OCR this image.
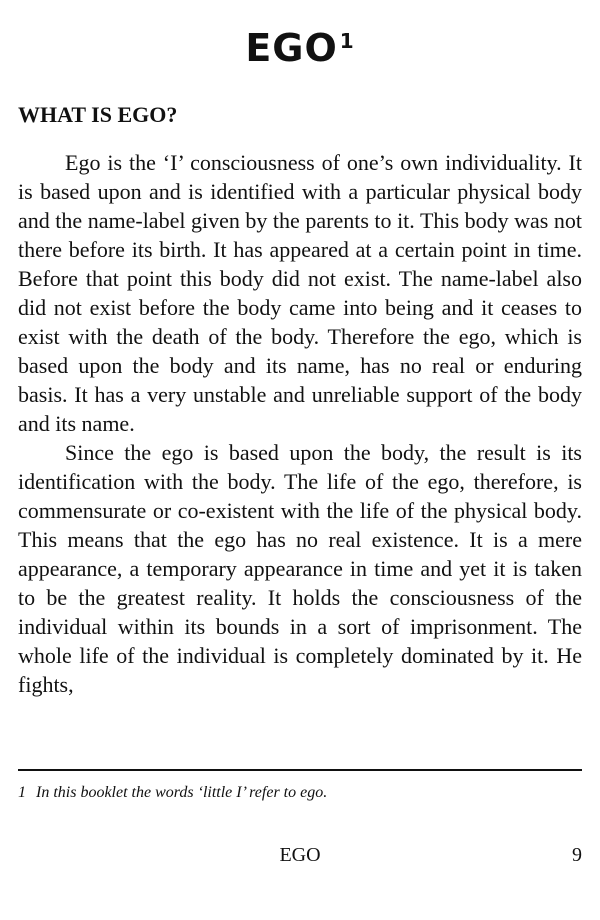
EGO $^1$
WHAT IS EGO?

Ego is the ‘I’ consciousness of one’s own individuality. It is based upon and is identified with a particular physical body and the name-label given by the parents to it. This body was not there before its birth. It has appeared at a certain point in time. Before that point this body did not exist. The name-label also did not exist before the body came into being and it ceases to exist with the death of the body. Therefore the ego, which is based upon the body and its name, has no real or enduring basis. It has a very unstable and unreliable support of the body and its name.

Since the ego is based upon the body, the result is its identification with the body. The life of the ego, therefore, is commensurate or co-existent with the life of the physical body. This means that the ego has no real existence. It is a mere appearance, a temporary appearance in time and yet it is taken to be the greatest reality. It holds the consciousness of the individual within its bounds in a sort of imprisonment. The whole life of the individual is completely dominated by it. He fights,

1 In this booklet the words ‘little I’ refer to ego.
EGO	9
